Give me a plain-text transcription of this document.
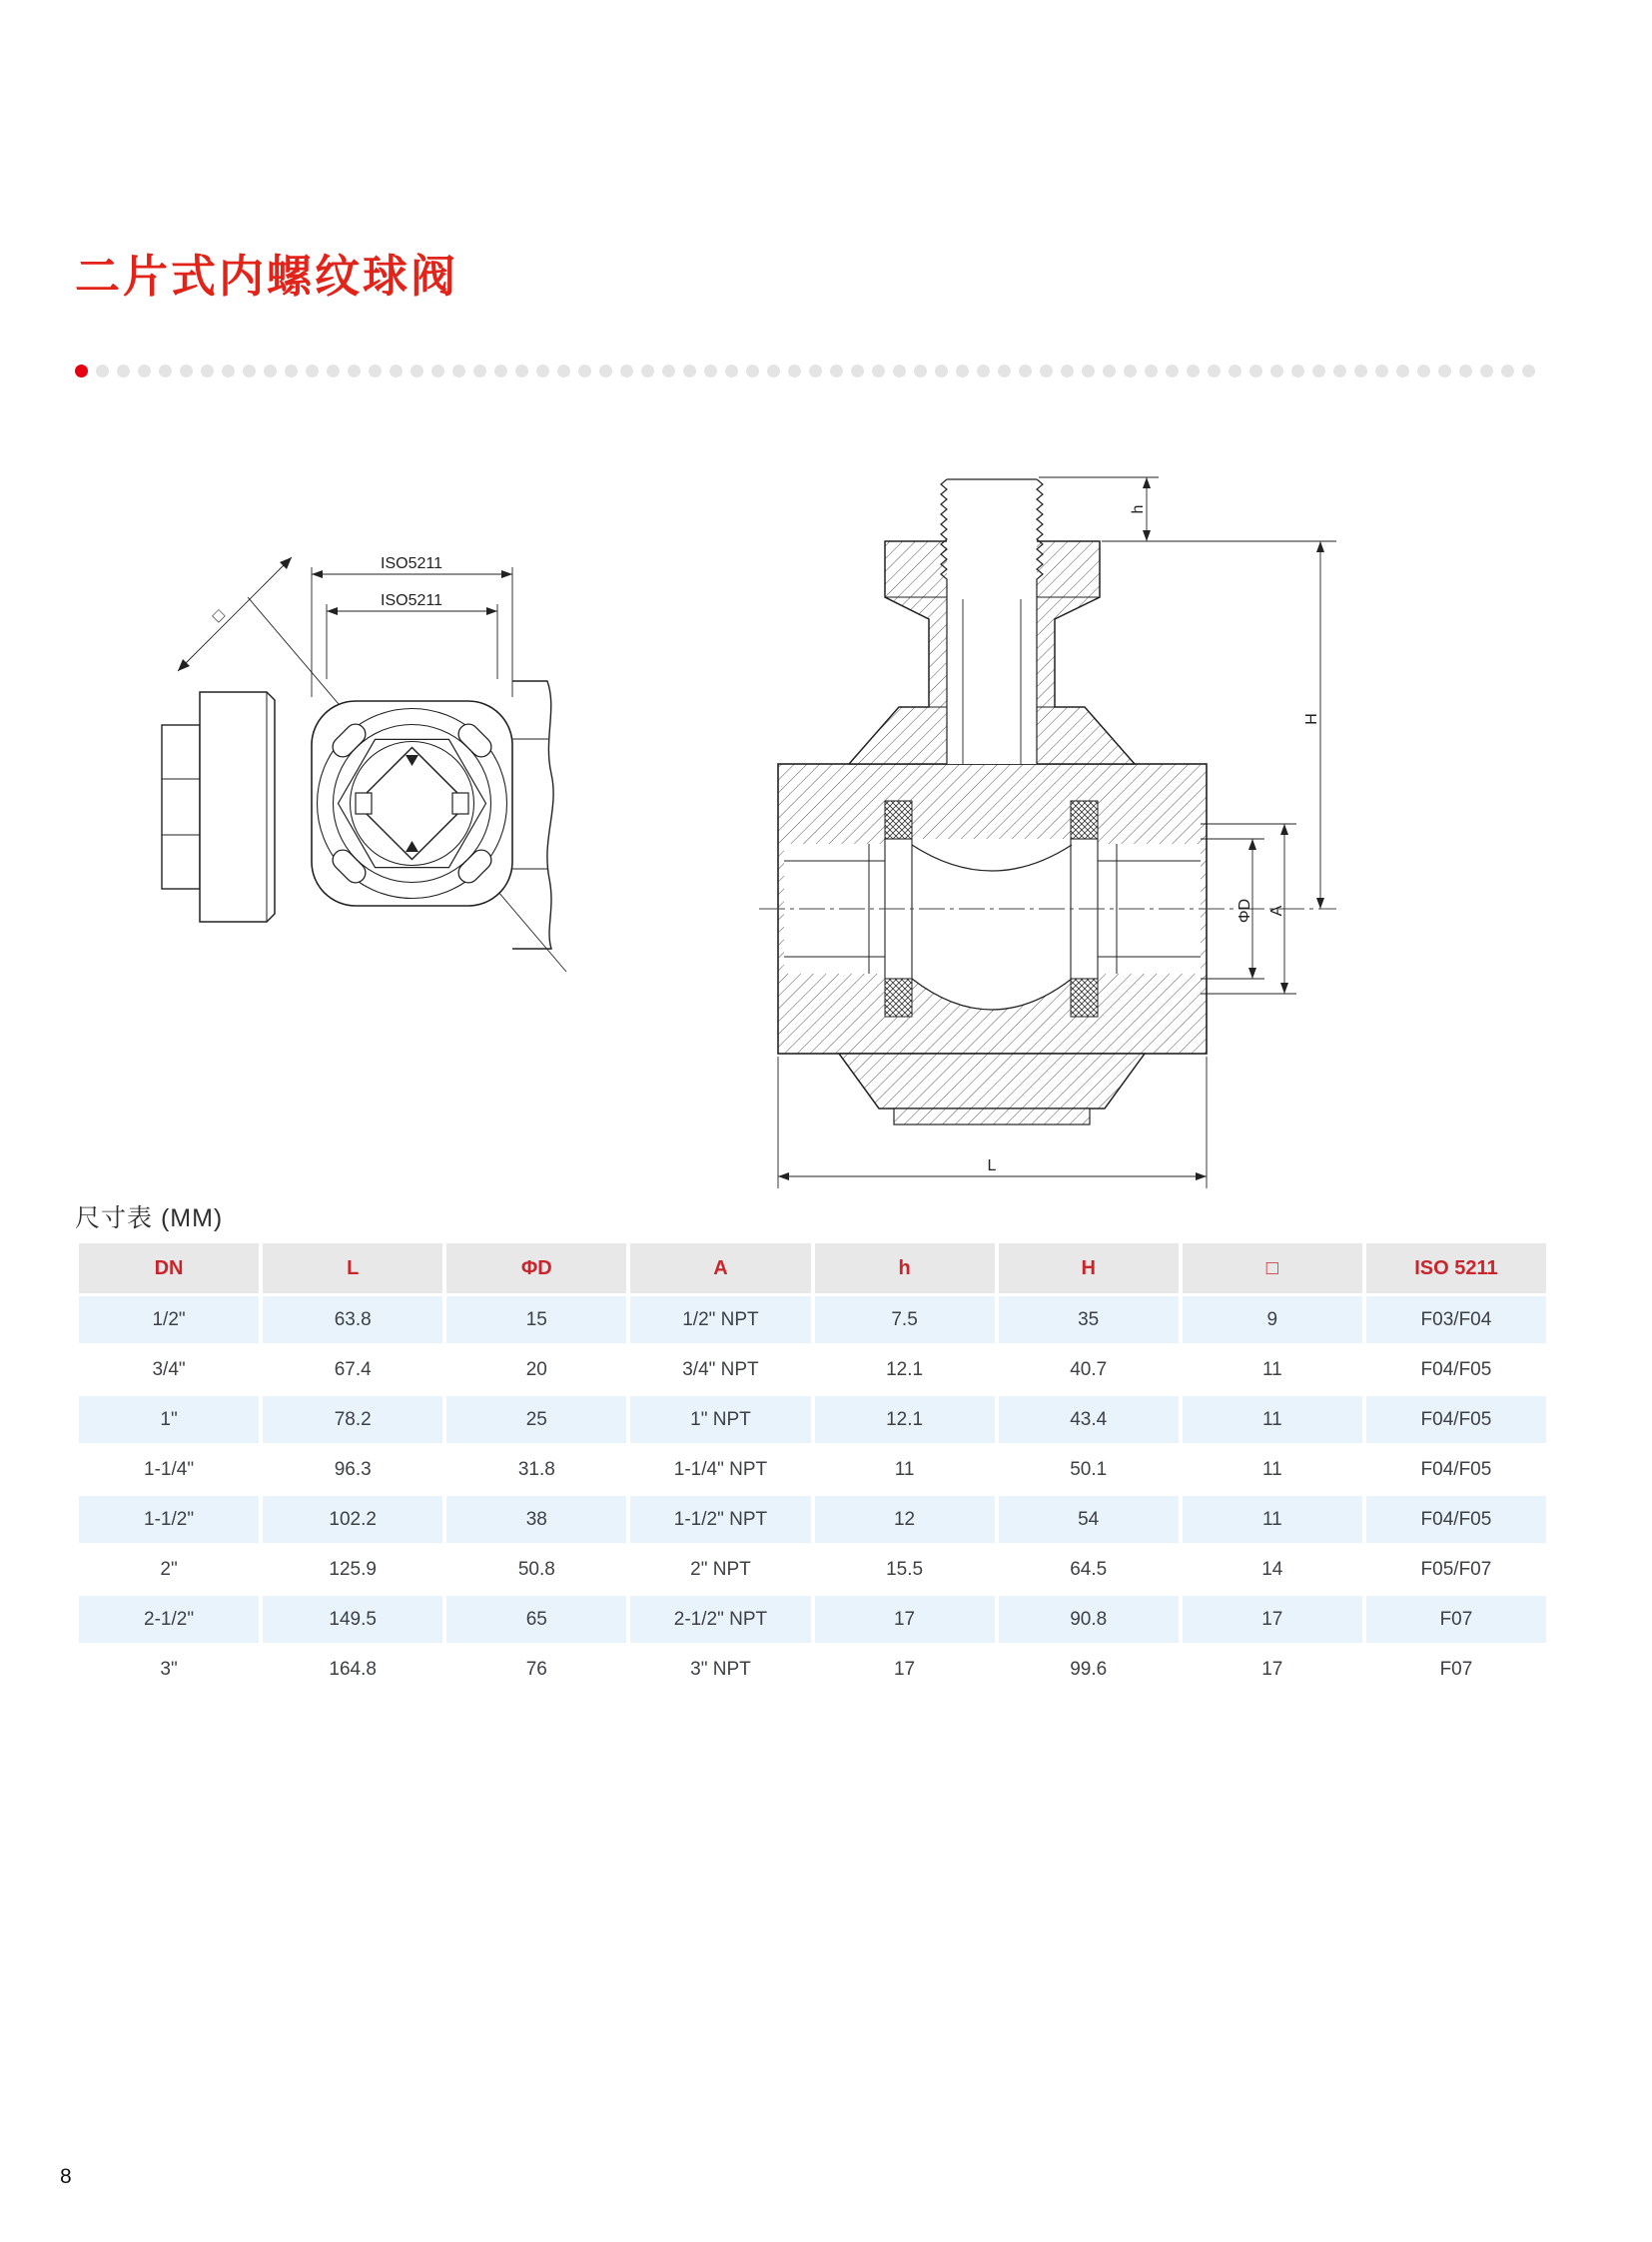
二片式内螺纹球阀
□
ISO5211
ISO5211
h
H
ΦD A
L
尺寸表 (MM)
DN	L	ΦD	A	h	H	□	ISO 5211
1/2"	63.8	15	1/2" NPT	7.5	35	9	F03/F04
3/4"	67.4	20	3/4" NPT	12.1	40.7	11	F04/F05
1"	78.2	25	1" NPT	12.1	43.4	11	F04/F05
1-1/4"	96.3	31.8	1-1/4" NPT	11	50.1	11	F04/F05
1-1/2"	102.2	38	1-1/2" NPT	12	54	11	F04/F05
2"	125.9	50.8	2" NPT	15.5	64.5	14	F05/F07
2-1/2"	149.5	65	2-1/2" NPT	17	90.8	17	F07
3"	164.8	76	3" NPT	17	99.6	17	F07
8
